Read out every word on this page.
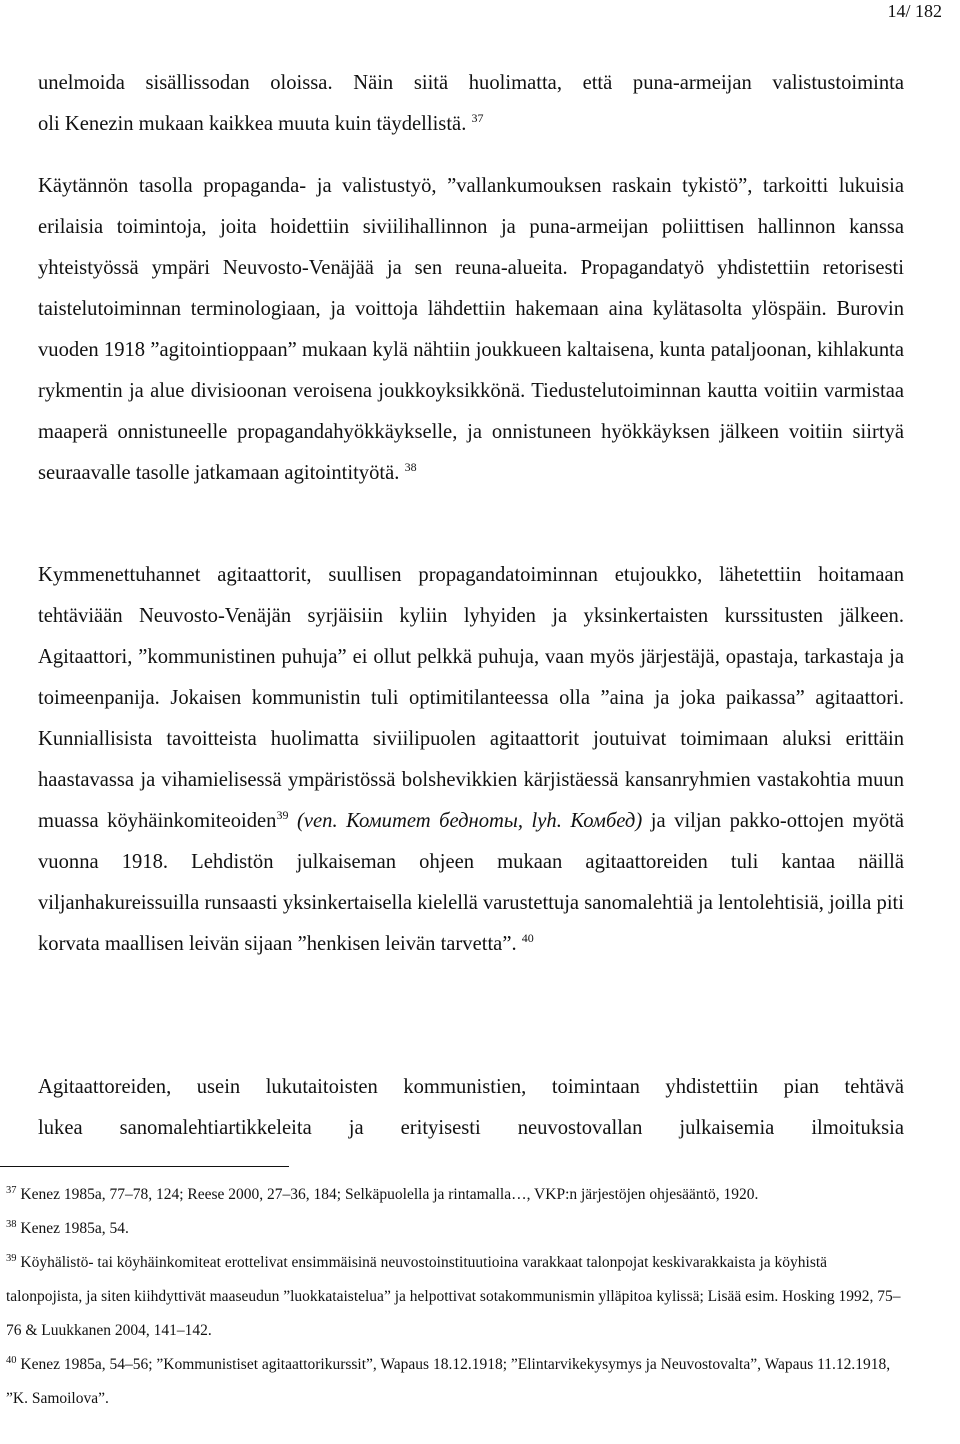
14/ 182

unelmoida sisällissodan oloissa. Näin siitä huolimatta, että puna-armeijan valistustoiminta
oli Kenezin mukaan kaikkea muuta kuin täydellistä. $^{37}$

Käytännön tasolla propaganda- ja valistustyö, ”vallankumouksen raskain tykistö”, tarkoitti lukuisia erilaisia toimintoja, joita hoidettiin siviilihallinnon ja puna-armeijan poliittisen hallinnon kanssa yhteistyössä ympäri Neuvosto-Venäjää ja sen reuna-alueita. Propagandatyö yhdistettiin retorisesti taistelutoiminnan terminologiaan, ja voittoja lähdettiin hakemaan aina kylätasolta ylöspäin. Burovin vuoden 1918 ”agitointioppaan” mukaan kylä nähtiin joukkueen kaltaisena, kunta pataljoonan, kihlakunta rykmentin ja alue divisioonan veroisena joukkoyksikkönä. Tiedustelutoiminnan kautta voitiin varmistaa maaperä onnistuneelle propagandahyökkäykselle, ja onnistuneen hyökkäyksen jälkeen voitiin siirtyä seuraavalle tasolle jatkamaan agitointityötä. $^{38}$

Kymmenettuhannet agitaattorit, suullisen propagandatoiminnan etujoukko, lähetettiin hoitamaan tehtäviään Neuvosto-Venäjän syrjäisiin kyliin lyhyiden ja yksinkertaisten kurssitusten jälkeen. Agitaattori, ”kommunistinen puhuja” ei ollut pelkkä puhuja, vaan myös järjestäjä, opastaja, tarkastaja ja toimeenpanija. Jokaisen kommunistin tuli optimitilanteessa olla ”aina ja joka paikassa” agitaattori. Kunniallisista tavoitteista huolimatta siviilipuolen agitaattorit joutuivat toimimaan aluksi erittäin haastavassa ja vihamielisessä ympäristössä bolshevikkien kärjistäessä kansanryhmien vastakohtia muun muassa köyhäinkomiteoiden$^{39}$ (ven. Комитет бедноты, lyh. Комбед) ja viljan pakko-ottojen myötä vuonna 1918. Lehdistön julkaiseman ohjeen mukaan agitaattoreiden tuli kantaa näillä viljanhakureissuilla runsaasti yksinkertaisella kielellä varustettuja sanomalehtiä ja lentolehtisiä, joilla piti korvata maallisen leivän sijaan ”henkisen leivän tarvetta”. $^{40}$

Agitaattoreiden, usein lukutaitoisten kommunistien, toimintaan yhdistettiin pian tehtävä
lukea sanomalehtiartikkeleita ja erityisesti neuvostovallan julkaisemia ilmoituksia

$^{37}$ Kenez 1985a, 77–78, 124; Reese 2000, 27–36, 184; Selkäpuolella ja rintamalla…, VKP:n järjestöjen ohjesääntö, 1920.

$^{38}$ Kenez 1985a, 54.

$^{39}$ Köyhälistö- tai köyhäinkomiteat erottelivat ensimmäisinä neuvostoinstituutioina varakkaat talonpojat keskivarakkaista ja köyhistä talonpojista, ja siten kiihdyttivät maaseudun ”luokkataistelua” ja helpottivat sotakommunismin ylläpitoa kylissä; Lisää esim. Hosking 1992, 75–76 & Luukkanen 2004, 141–142.

$^{40}$ Kenez 1985a, 54–56; ”Kommunistiset agitaattorikurssit”, Wapaus 18.12.1918; ”Elintarvikekysymys ja Neuvostovalta”, Wapaus 11.12.1918, ”K. Samoilova”.
